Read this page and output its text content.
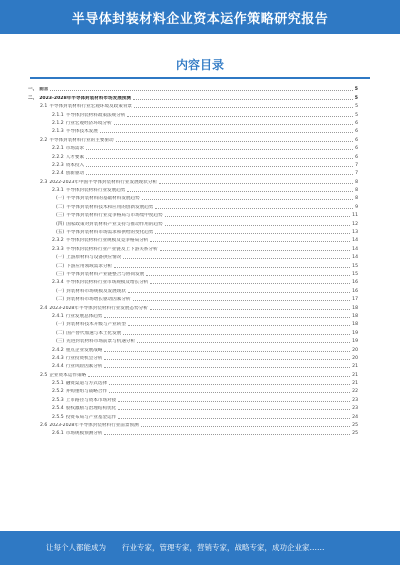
半导体封装材料企业资本运作策略研究报告
内容目录
一、 前言	5
二、 2023-2028年半导体封装材料市场发展预测	5
2.1 半导体封装材料行业宏观环境及政策背景	5
2.1.1 半导体封装材料政策法规分析	5
2.1.2 行业宏观经济环境分析	6
2.1.3 半导体技术发展	6
2.2 半导体封装材料行业的主要驱动	6
2.2.1 市场需求	6
2.2.2 人才要素	6
2.2.3 资本投入	7
2.2.4 创新驱动	7
2.3 2022-2023年中国半导体封装材料行业发展现状分析	8
2.3.1 半导体封装材料行业发展趋势	8
(一) 半导体封装材料的基础材料发展趋势	8
(二) 半导体封装材料技术和应用的创新发展趋势	9
(三) 半导体封装材料行业竞争格局与市场集中度趋势	11
(四) 国家政策对封装材料产业支持与推动作用的趋势	12
(五) 半导体封装材料市场需求和供给的变化趋势	13
2.3.2 半导体封装材料行业规模及竞争格局分析	14
2.3.3 半导体封装材料行业产业链及上下游关系分析	14
(一) 上游原材料与设备供应情况	14
(二) 下游应用领域需求分析	15
(三) 半导体封装材料产业链整合与协同发展	15
2.3.4 半导体封装材料行业市场规模及增长分析	16
(一) 封装材料市场规模及发展现状	16
(二) 封装材料市场增长驱动因素分析	17
2.4 2023-2028年半导体封装材料行业发展态势分析	18
2.4.1 行业发展总体趋势	18
(一) 封装材料技术升级与产业转型	18
(二) 国产替代加速与本土化发展	19
(三) 先进封装材料市场前景与机遇分析	19
2.4.2 重点企业发展战略	20
2.4.3 行业投资机会分析	20
2.4.4 行业风险因素分析	21
2.5 企业资本运作策略	21
2.5.1 融资渠道与方式选择	21
2.5.2 并购重组与战略合作	22
2.5.3 上市路径与资本市场对接	23
2.5.4 股权激励与治理结构优化	23
2.5.5 投资布局与产业基金运作	24
2.6 2023-2028年半导体封装材料行业前景预测	25
2.6.1 市场规模预测分析	25
让每个人都能成为 行业专家，管理专家，营销专家，战略专家，成功企业家……
